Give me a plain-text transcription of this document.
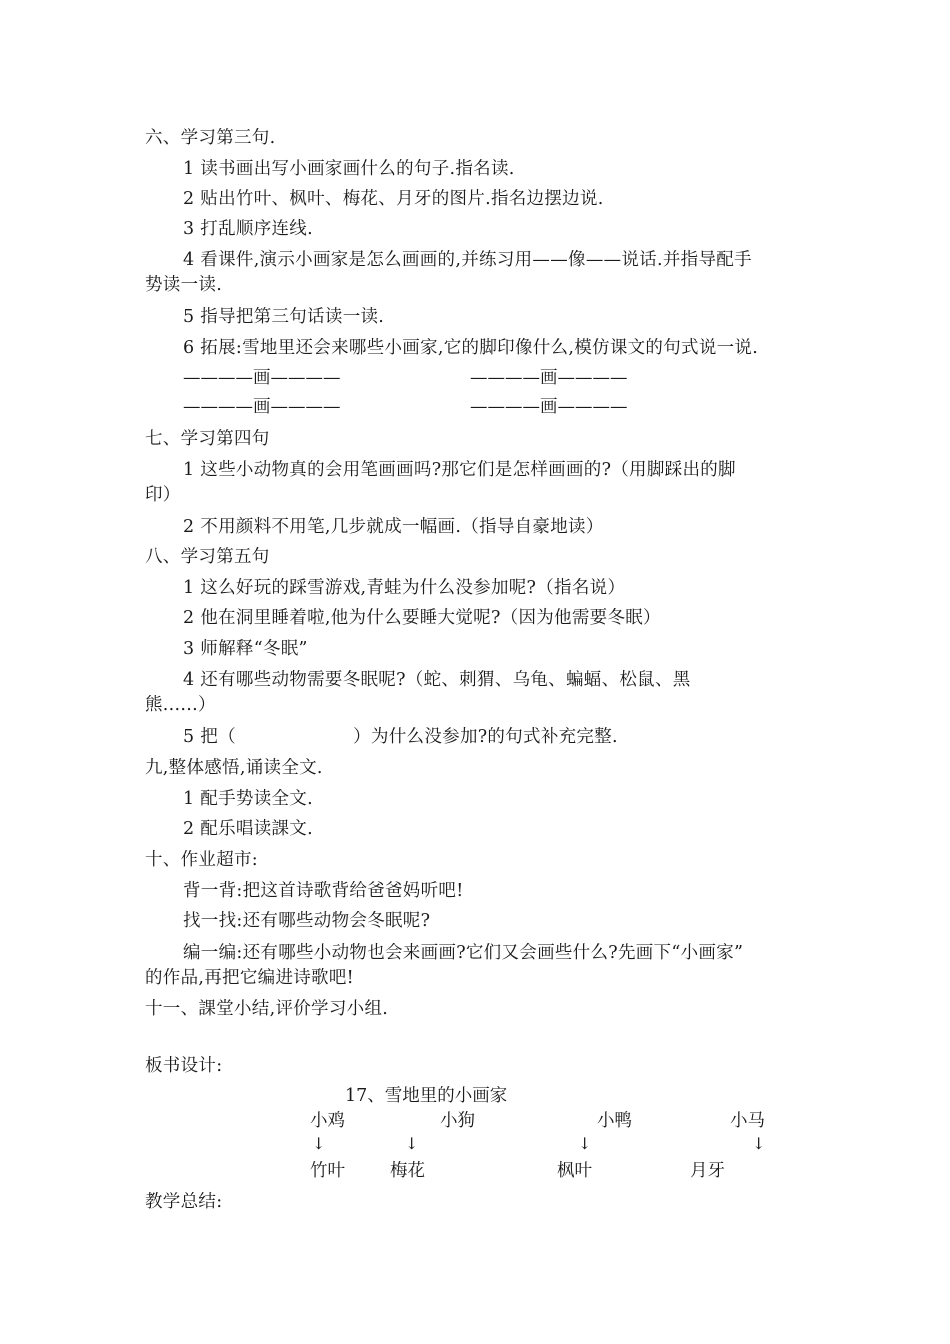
六、学习第三句.
1 读书画出写小画家画什么的句子.指名读.
2 贴出竹叶、枫叶、梅花、月牙的图片.指名边摆边说.
3 打乱顺序连线.
4 看课件,演示小画家是怎么画画的,并练习用——像——说话.并指导配手
势读一读.
5 指导把第三句话读一读.
6 拓展:雪地里还会来哪些小画家,它的脚印像什么,模仿课文的句式说一说.
————画————	————画————
————画————	————画————
七、学习第四句
1 这些小动物真的会用笔画画吗?那它们是怎样画画的?（用脚踩出的脚
印）
2 不用颜料不用笔,几步就成一幅画.（指导自豪地读）
八、学习第五句
1 这么好玩的踩雪游戏,青蛙为什么没参加呢?（指名说）
2 他在洞里睡着啦,他为什么要睡大觉呢?（因为他需要冬眠）
3 师解释“冬眠”
4 还有哪些动物需要冬眠呢?（蛇、刺猬、乌龟、蝙蝠、松鼠、黑
熊......）
5 把（                    ）为什么没参加?的句式补充完整.
九,整体感悟,诵读全文.
1 配手势读全文.
2 配乐唱读課文.
十、作业超市:
背一背:把这首诗歌背给爸爸妈听吧!
找一找:还有哪些动物会冬眠呢?
编一编:还有哪些小动物也会来画画?它们又会画些什么?先画下“小画家”
的作品,再把它编进诗歌吧!
十一、課堂小结,评价学习小组.
板书设计:
17、雪地里的小画家
小鸡	小狗	小鸭	小马
↓	↓	↓	↓
竹叶	梅花	枫叶	月牙
教学总结:
